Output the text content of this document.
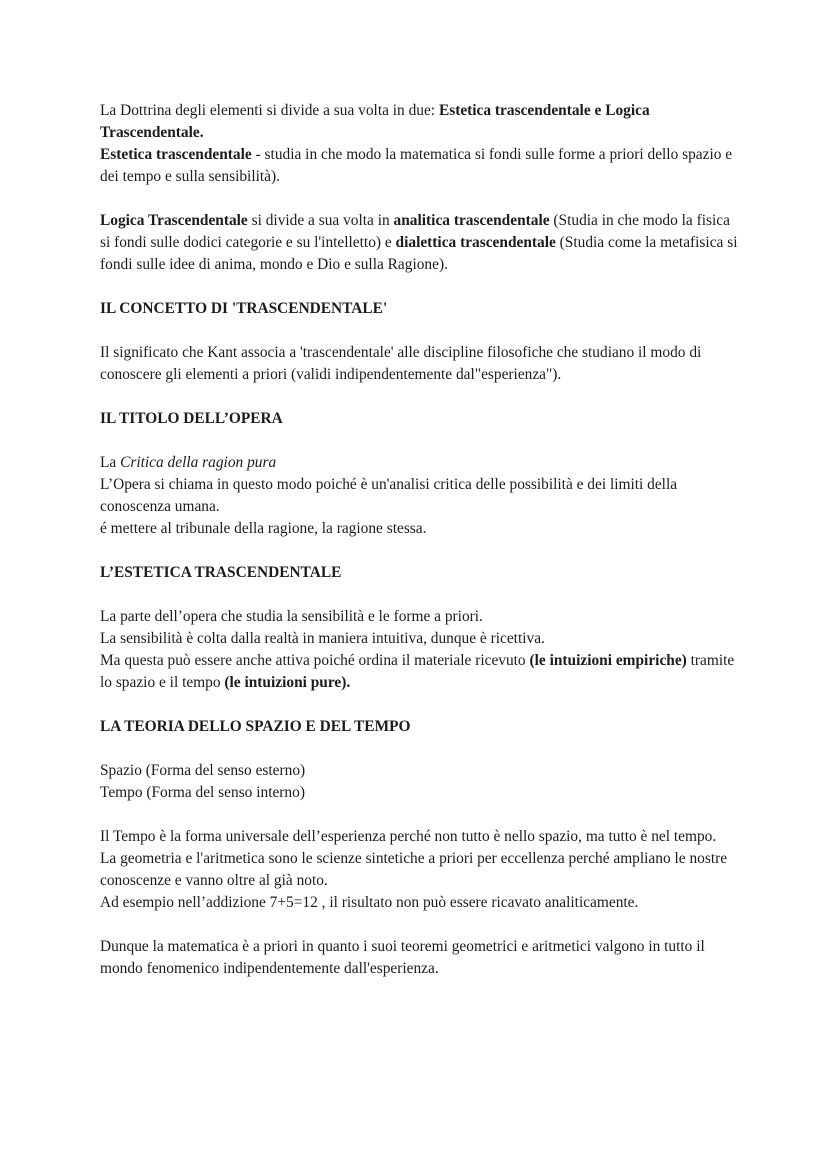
La Dottrina degli elementi si divide a sua volta in due: Estetica trascendentale e Logica Trascendentale.

Estetica trascendentale - studia in che modo la matematica si fondi sulle forme a priori dello spazio e dei tempo e sulla sensibilità).

Logica Trascendentale si divide a sua volta in analitica trascendentale (Studia in che modo la fisica si fondi sulle dodici categorie e su l'intelletto) e dialettica trascendentale (Studia come la metafisica si fondi sulle idee di anima, mondo e Dio e sulla Ragione).

IL CONCETTO DI 'TRASCENDENTALE'

Il significato che Kant associa a 'trascendentale' alle discipline filosofiche che studiano il modo di conoscere gli elementi a priori (validi indipendentemente dal"esperienza").

IL TITOLO DELL’OPERA

La Critica della ragion pura

L’Opera si chiama in questo modo poiché è un'analisi critica delle possibilità e dei limiti della conoscenza umana.

é mettere al tribunale della ragione, la ragione stessa.

L’ESTETICA TRASCENDENTALE

La parte dell’opera che studia la sensibilità e le forme a priori.

La sensibilità è colta dalla realtà in maniera intuitiva, dunque è ricettiva.

Ma questa può essere anche attiva poiché ordina il materiale ricevuto (le intuizioni empiriche) tramite lo spazio e il tempo (le intuizioni pure).

LA TEORIA DELLO SPAZIO E DEL TEMPO

Spazio (Forma del senso esterno)

Tempo (Forma del senso interno)

Il Tempo è la forma universale dell’esperienza perché non tutto è nello spazio, ma tutto è nel tempo.

La geometria e l'aritmetica sono le scienze sintetiche a priori per eccellenza perché ampliano le nostre conoscenze e vanno oltre al già noto.

Ad esempio nell’addizione 7+5=12 , il risultato non può essere ricavato analiticamente.

Dunque la matematica è a priori in quanto i suoi teoremi geometrici e aritmetici valgono in tutto il mondo fenomenico indipendentemente dall'esperienza.
